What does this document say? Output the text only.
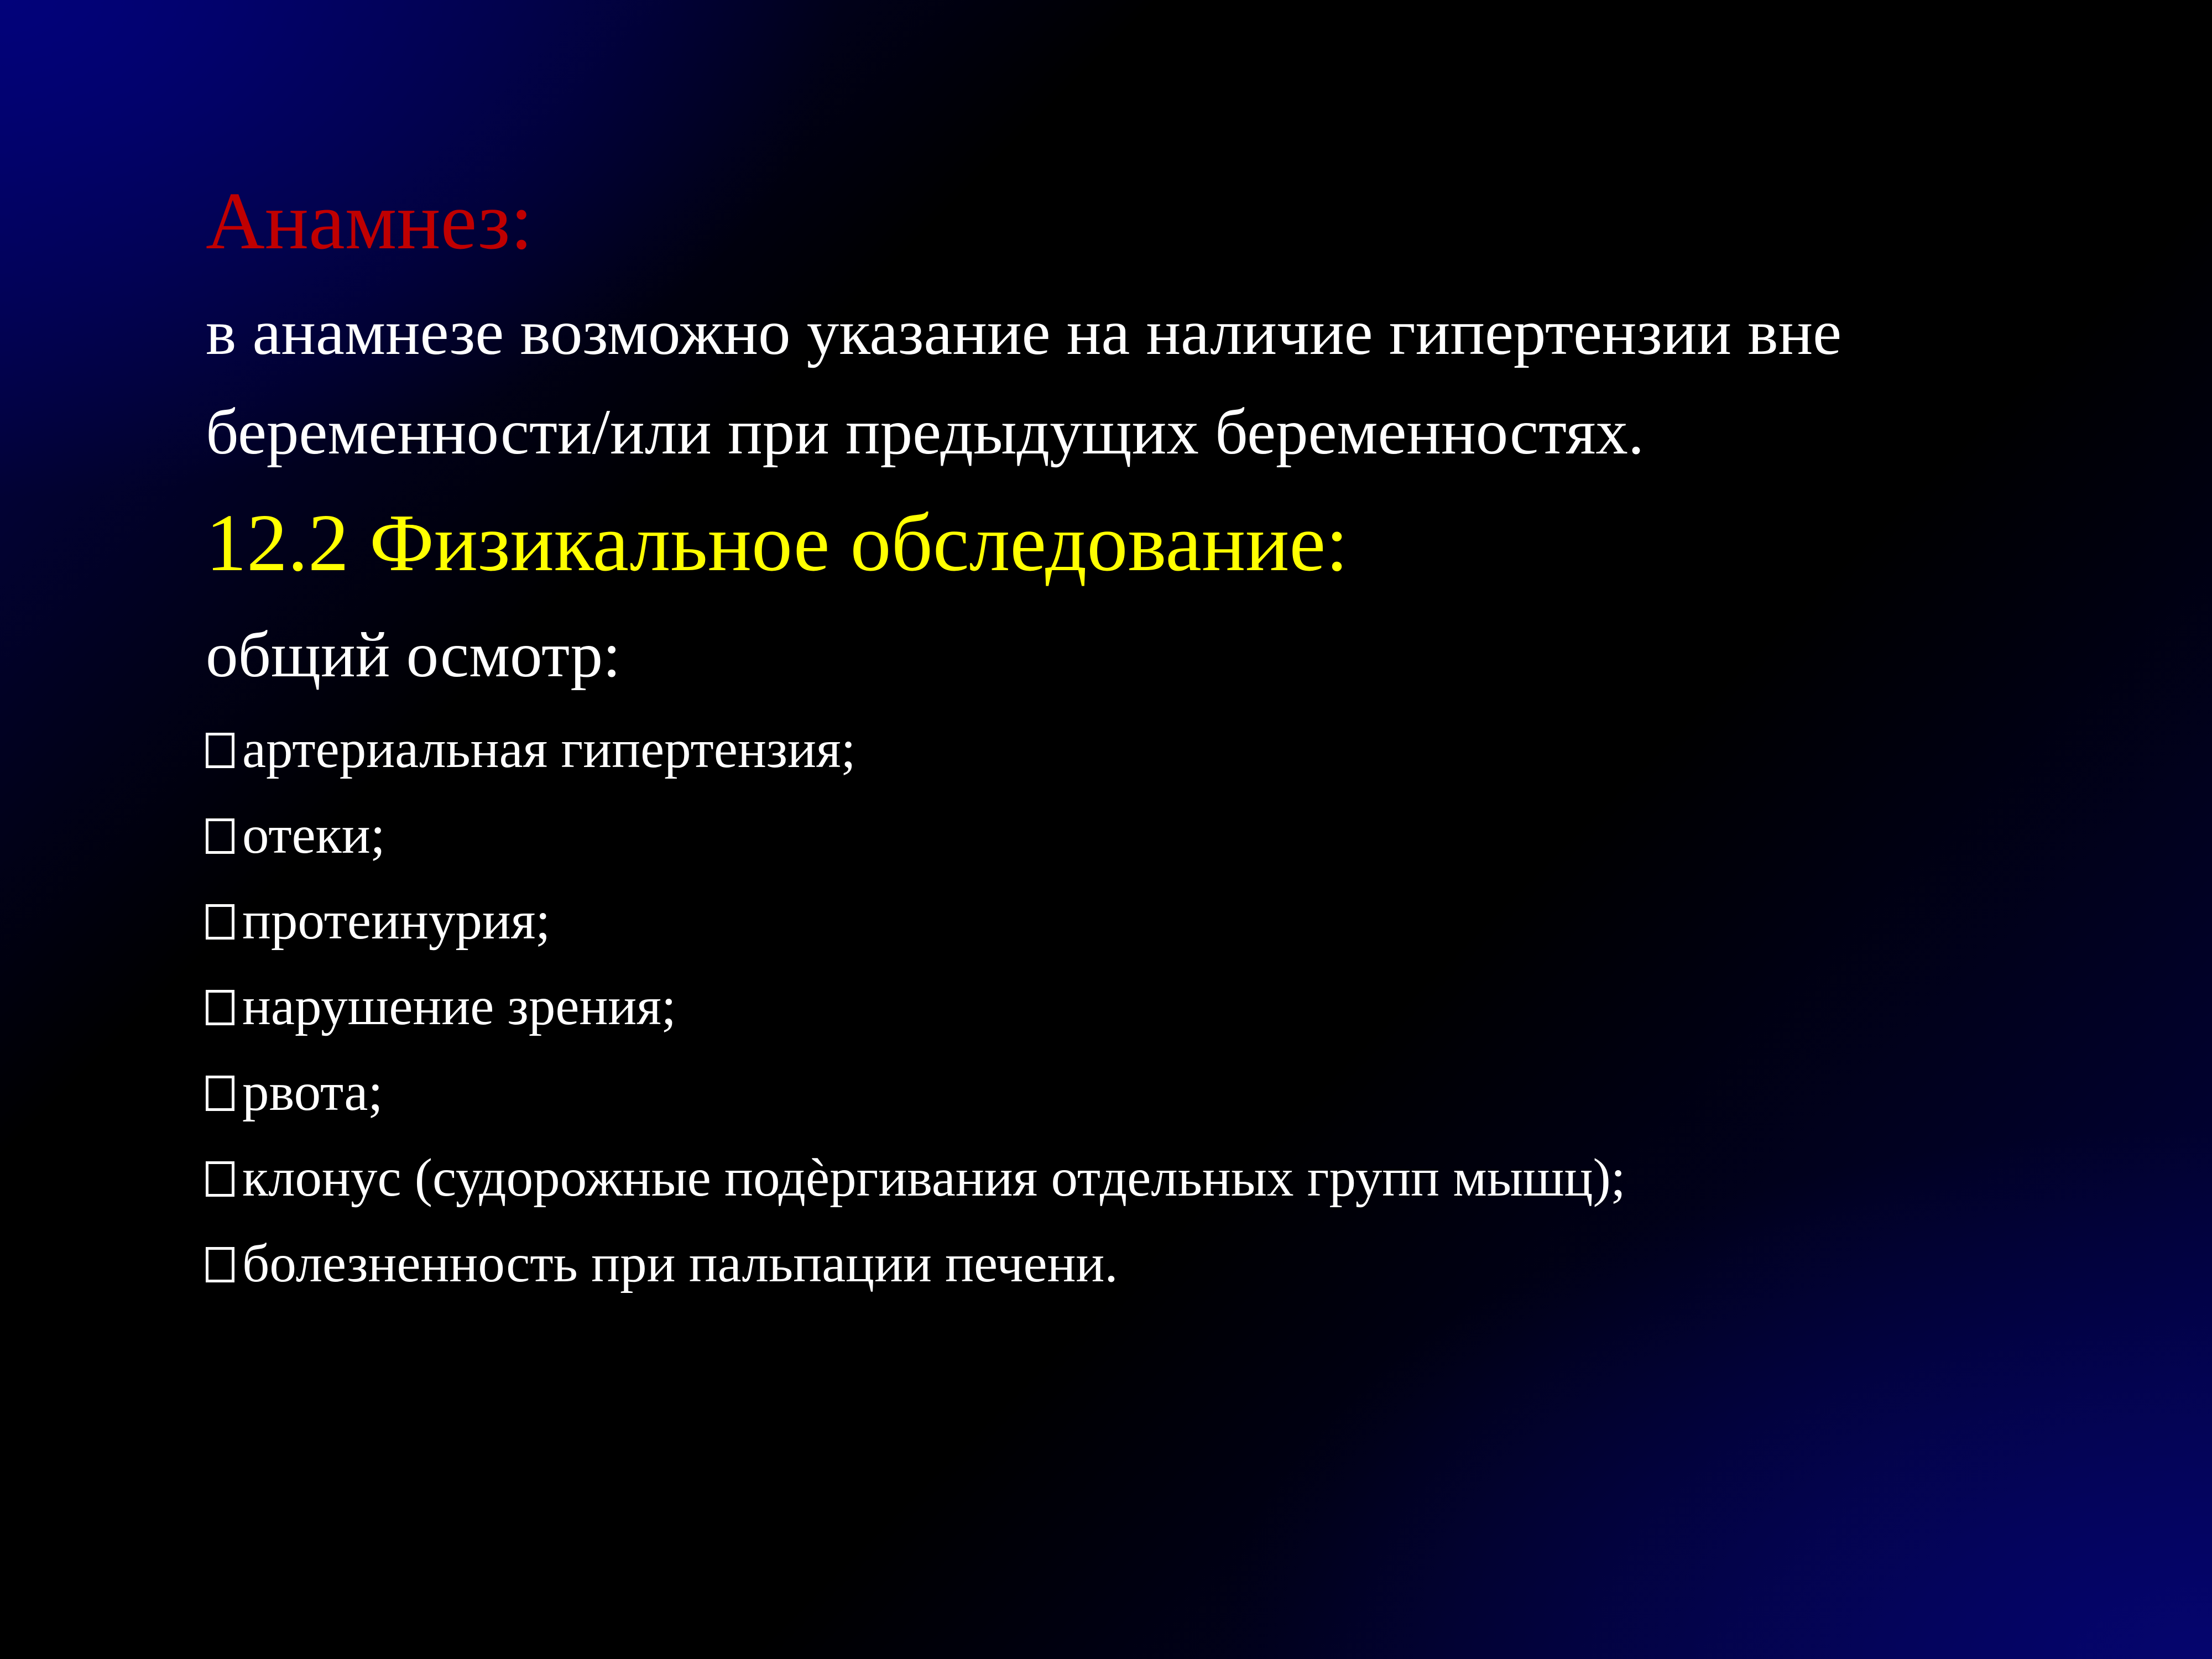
Анамнез:

в анамнезе возможно указание на наличие гипертензии вне
беременности/или при предыдущих беременностях.

12.2 Физикальное обследование:

общий осмотр:

артериальная гипертензия;
отеки;
протеинурия;
нарушение зрения;
рвота;
клонус (судорожные подѐргивания отдельных групп мышц);
болезненность при пальпации печени.
